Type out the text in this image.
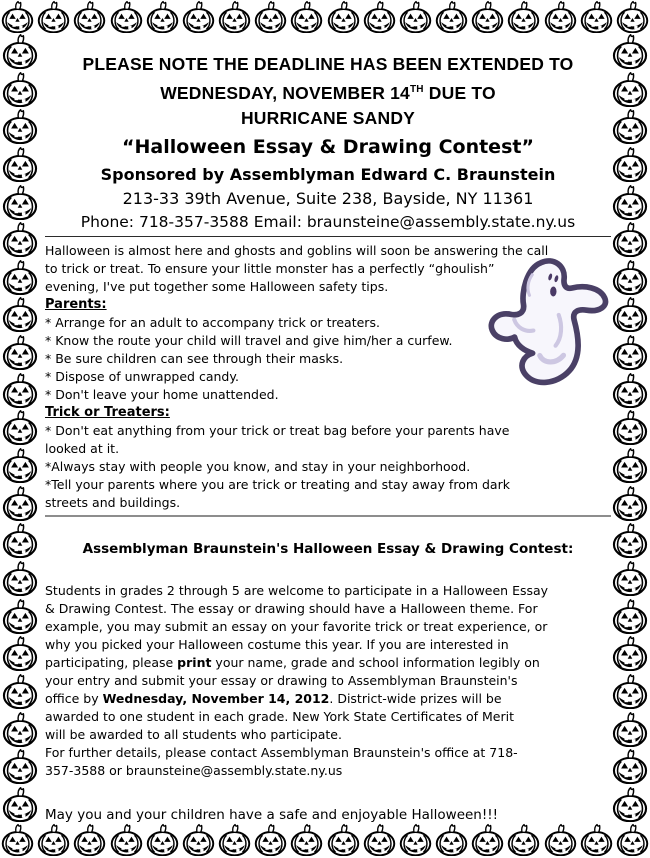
PLEASE NOTE THE DEADLINE HAS BEEN EXTENDED TO
WEDNESDAY, NOVEMBER 14TH DUE TO
HURRICANE SANDY
“Halloween Essay & Drawing Contest”
Sponsored by Assemblyman Edward C. Braunstein
213-33 39th Avenue, Suite 238, Bayside, NY 11361
Phone: 718-357-3588 Email: braunsteine@assembly.state.ny.us
Halloween is almost here and ghosts and goblins will soon be answering the call
to trick or treat. To ensure your little monster has a perfectly “ghoulish”
evening, I've put together some Halloween safety tips.
Parents:
* Arrange for an adult to accompany trick or treaters.
* Know the route your child will travel and give him/her a curfew.
* Be sure children can see through their masks.
* Dispose of unwrapped candy.
* Don't leave your home unattended.
Trick or Treaters:
* Don't eat anything from your trick or treat bag before your parents have
looked at it.
*Always stay with people you know, and stay in your neighborhood.
*Tell your parents where you are trick or treating and stay away from dark
streets and buildings.
Assemblyman Braunstein's Halloween Essay & Drawing Contest:
Students in grades 2 through 5 are welcome to participate in a Halloween Essay
& Drawing Contest. The essay or drawing should have a Halloween theme. For
example, you may submit an essay on your favorite trick or treat experience, or
why you picked your Halloween costume this year. If you are interested in
participating, please print your name, grade and school information legibly on
your entry and submit your essay or drawing to Assemblyman Braunstein's
office by Wednesday, November 14, 2012. District-wide prizes will be
awarded to one student in each grade. New York State Certificates of Merit
will be awarded to all students who participate.
For further details, please contact Assemblyman Braunstein's office at 718-
357-3588 or braunsteine@assembly.state.ny.us
May you and your children have a safe and enjoyable Halloween!!!
